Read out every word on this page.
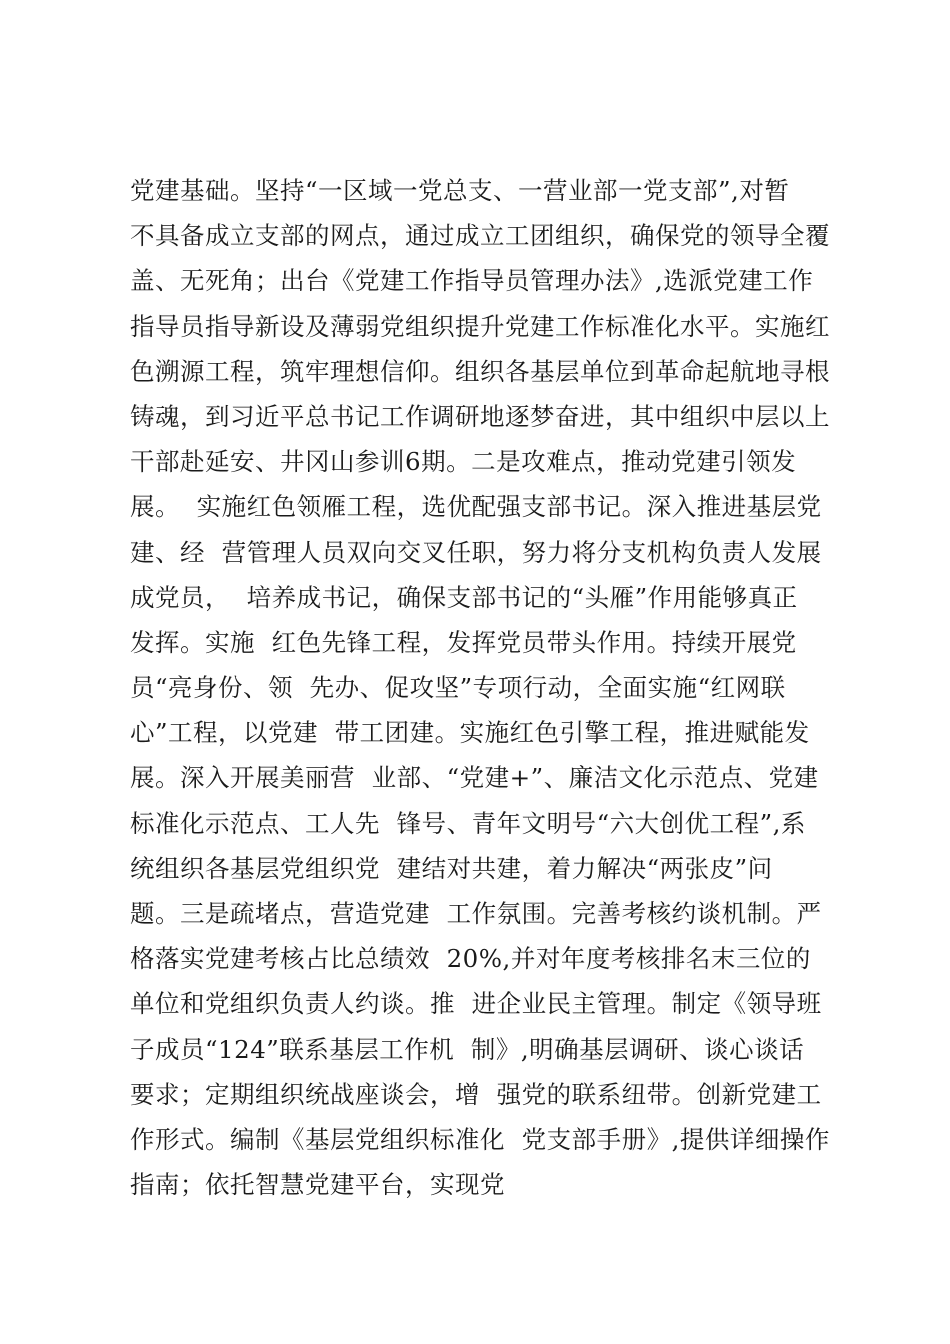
党建基础。坚持“一区域一党总支、一营业部一党支部”,对暂
不具备成立支部的网点，通过成立工团组织，确保党的领导全覆
盖、无死角；出台《党建工作指导员管理办法》,选派党建工作
指导员指导新设及薄弱党组织提升党建工作标准化水平。实施红
色溯源工程，筑牢理想信仰。组织各基层单位到革命起航地寻根
铸魂，到习近平总书记工作调研地逐梦奋进，其中组织中层以上
干部赴延安、井冈山参训6期。二是攻难点，推动党建引领发
展。  实施红色领雁工程，选优配强支部书记。深入推进基层党
建、经  营管理人员双向交叉任职，努力将分支机构负责人发展
成党员，  培养成书记，确保支部书记的“头雁”作用能够真正
发挥。实施  红色先锋工程，发挥党员带头作用。持续开展党
员“亮身份、领  先办、促攻坚”专项行动，全面实施“红网联
心”工程，以党建  带工团建。实施红色引擎工程，推进赋能发
展。深入开展美丽营  业部、“党建+”、廉洁文化示范点、党建
标准化示范点、工人先  锋号、青年文明号“六大创优工程”,系
统组织各基层党组织党  建结对共建，着力解决“两张皮”问
题。三是疏堵点，营造党建  工作氛围。完善考核约谈机制。严
格落实党建考核占比总绩效  20%,并对年度考核排名末三位的
单位和党组织负责人约谈。推  进企业民主管理。制定《领导班
子成员“124”联系基层工作机  制》,明确基层调研、谈心谈话
要求；定期组织统战座谈会，增  强党的联系纽带。创新党建工
作形式。编制《基层党组织标准化  党支部手册》,提供详细操作
指南；依托智慧党建平台，实现党
